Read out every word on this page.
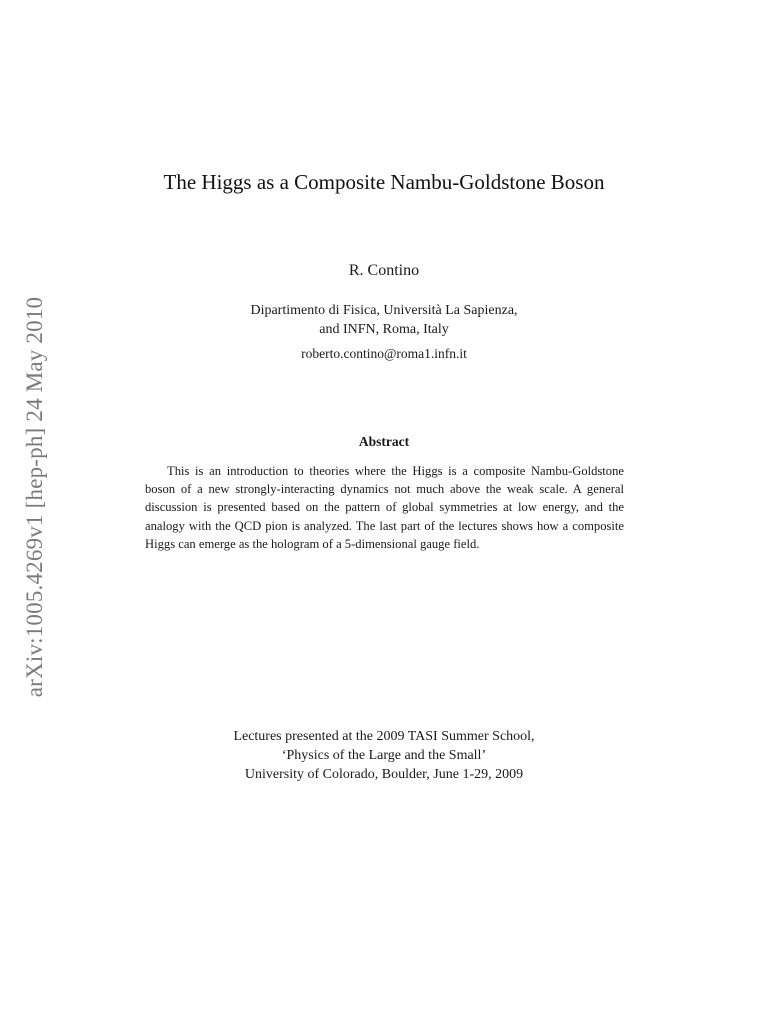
arXiv:1005.4269v1 [hep-ph] 24 May 2010
The Higgs as a Composite Nambu-Goldstone Boson
R. Contino
Dipartimento di Fisica, Università La Sapienza,
and INFN, Roma, Italy
roberto.contino@roma1.infn.it
Abstract

This is an introduction to theories where the Higgs is a composite Nambu-Goldstone boson of a new strongly-interacting dynamics not much above the weak scale. A general discussion is presented based on the pattern of global symmetries at low energy, and the analogy with the QCD pion is analyzed. The last part of the lectures shows how a composite Higgs can emerge as the hologram of a 5-dimensional gauge field.

Lectures presented at the 2009 TASI Summer School,
‘Physics of the Large and the Small’
University of Colorado, Boulder, June 1-29, 2009
